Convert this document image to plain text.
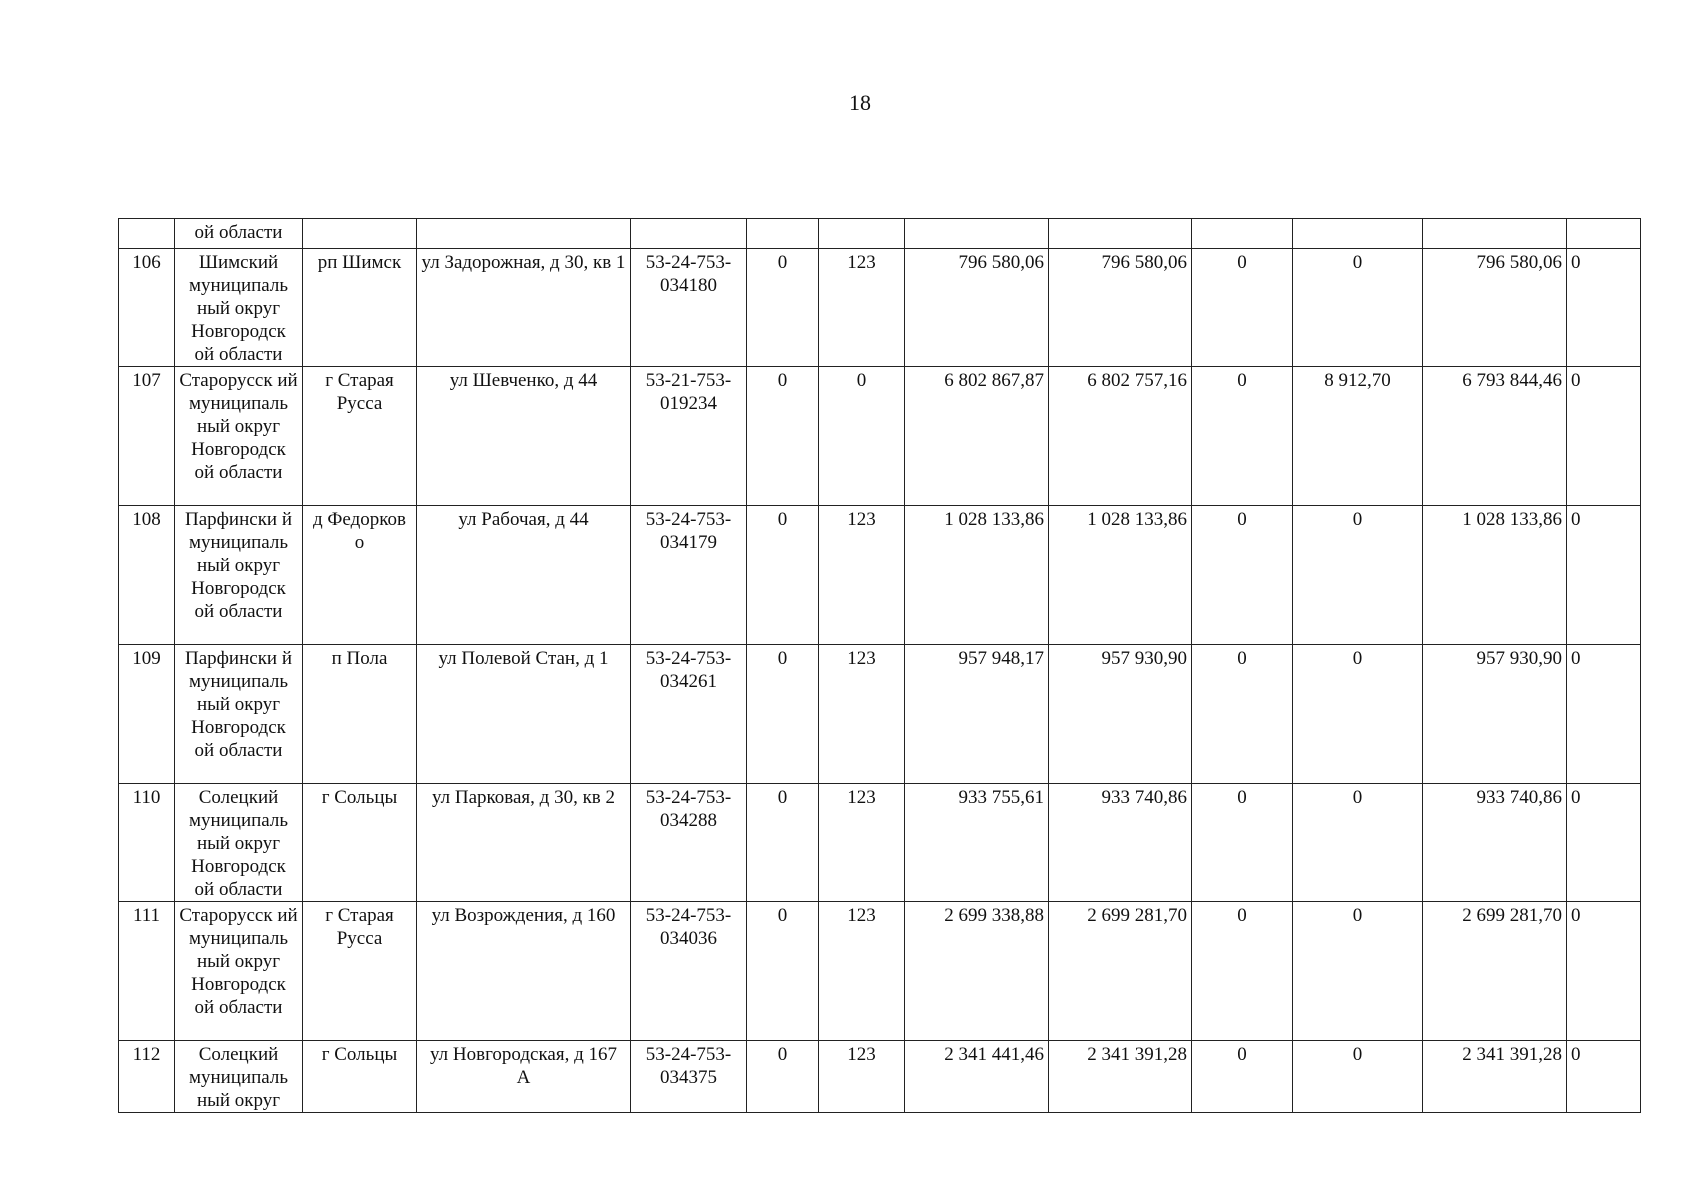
18
	ой области											
106	Шимский муниципаль ный округ Новгородск ой области	рп Шимск	ул Задорожная, д 30, кв 1	53-24-753-034180	0	123	796 580,06	796 580,06	0	0	796 580,06	0
107	Старорусск ий муниципаль ный округ Новгородск ой области	г Старая Русса	ул Шевченко, д 44	53-21-753-019234	0	0	6 802 867,87	6 802 757,16	0	8 912,70	6 793 844,46	0
108	Парфински й муниципаль ный округ Новгородск ой области	д Федорков о	ул Рабочая, д 44	53-24-753-034179	0	123	1 028 133,86	1 028 133,86	0	0	1 028 133,86	0
109	Парфински й муниципаль ный округ Новгородск ой области	п Пола	ул Полевой Стан, д 1	53-24-753-034261	0	123	957 948,17	957 930,90	0	0	957 930,90	0
110	Солецкий муниципаль ный округ Новгородск ой области	г Сольцы	ул Парковая, д 30, кв 2	53-24-753-034288	0	123	933 755,61	933 740,86	0	0	933 740,86	0
111	Старорусск ий муниципаль ный округ Новгородск ой области	г Старая Русса	ул Возрождения, д 160	53-24-753-034036	0	123	2 699 338,88	2 699 281,70	0	0	2 699 281,70	0
112	Солецкий муниципаль ный округ	г Сольцы	ул Новгородская, д 167 А	53-24-753-034375	0	123	2 341 441,46	2 341 391,28	0	0	2 341 391,28	0
